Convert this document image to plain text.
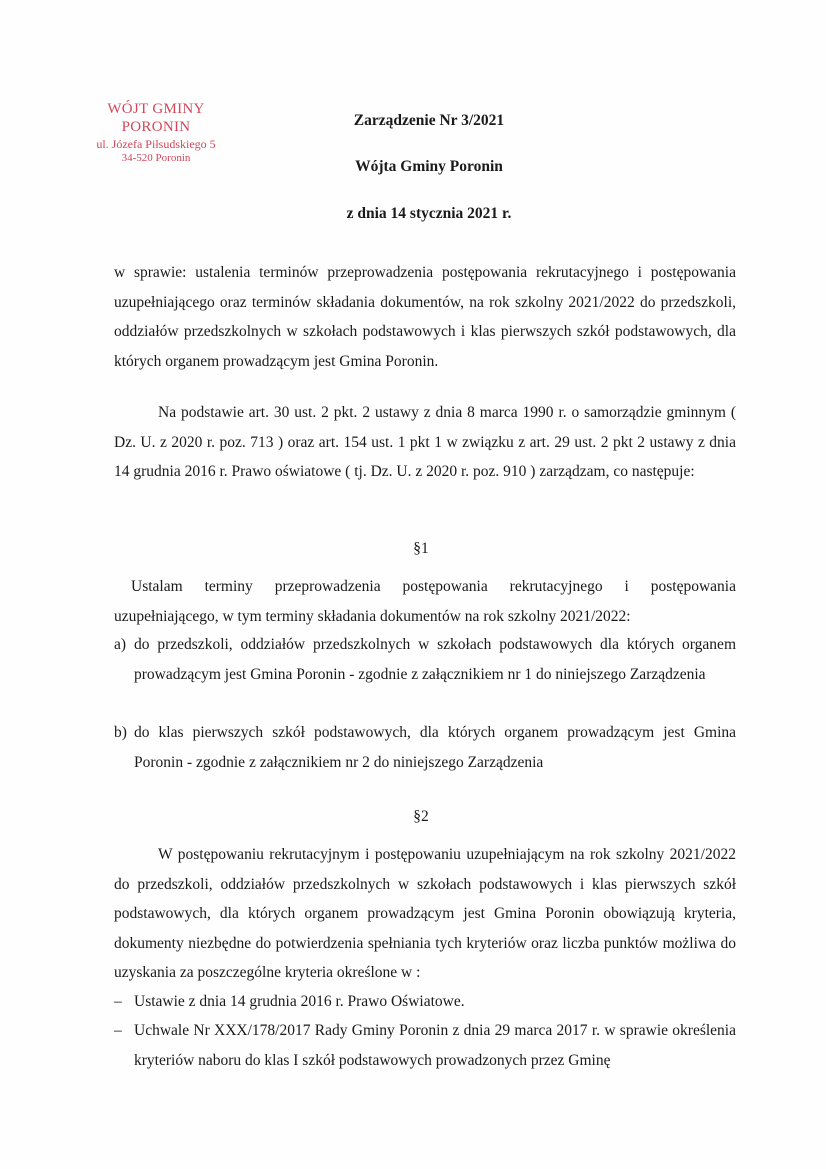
WÓJT GMINY PORONIN
ul. Józefa Piłsudskiego 5
34-520 Poronin
Zarządzenie Nr 3/2021
Wójta Gminy Poronin
z dnia 14 stycznia 2021 r.
w sprawie: ustalenia terminów przeprowadzenia postępowania rekrutacyjnego i postępowania uzupełniającego oraz terminów składania dokumentów, na rok szkolny 2021/2022 do przedszkoli, oddziałów przedszkolnych w szkołach podstawowych i klas pierwszych szkół podstawowych, dla których organem prowadzącym jest Gmina Poronin.
Na podstawie art. 30 ust. 2 pkt. 2 ustawy z dnia 8 marca 1990 r. o samorządzie gminnym ( Dz. U. z 2020 r. poz. 713 ) oraz art. 154 ust. 1 pkt 1 w związku z art. 29 ust. 2 pkt 2 ustawy z dnia 14 grudnia 2016 r. Prawo oświatowe ( tj. Dz. U. z 2020 r. poz. 910 ) zarządzam, co następuje:
§1
Ustalam terminy przeprowadzenia postępowania rekrutacyjnego i postępowania uzupełniającego, w tym terminy składania dokumentów na rok szkolny 2021/2022:
a) do przedszkoli, oddziałów przedszkolnych w szkołach podstawowych dla których organem prowadzącym jest Gmina Poronin - zgodnie z załącznikiem nr 1 do niniejszego Zarządzenia
b) do klas pierwszych szkół podstawowych, dla których organem prowadzącym jest Gmina Poronin - zgodnie z załącznikiem nr 2 do niniejszego Zarządzenia
§2
W postępowaniu rekrutacyjnym i postępowaniu uzupełniającym na rok szkolny 2021/2022 do przedszkoli, oddziałów przedszkolnych w szkołach podstawowych i klas pierwszych szkół podstawowych, dla których organem prowadzącym jest Gmina Poronin obowiązują kryteria, dokumenty niezbędne do potwierdzenia spełniania tych kryteriów oraz liczba punktów możliwa do uzyskania za poszczególne kryteria określone w :
– Ustawie z dnia 14 grudnia 2016 r. Prawo Oświatowe.
– Uchwale Nr XXX/178/2017 Rady Gminy Poronin z dnia 29 marca 2017 r. w sprawie określenia kryteriów naboru do klas I szkół podstawowych prowadzonych przez Gminę
